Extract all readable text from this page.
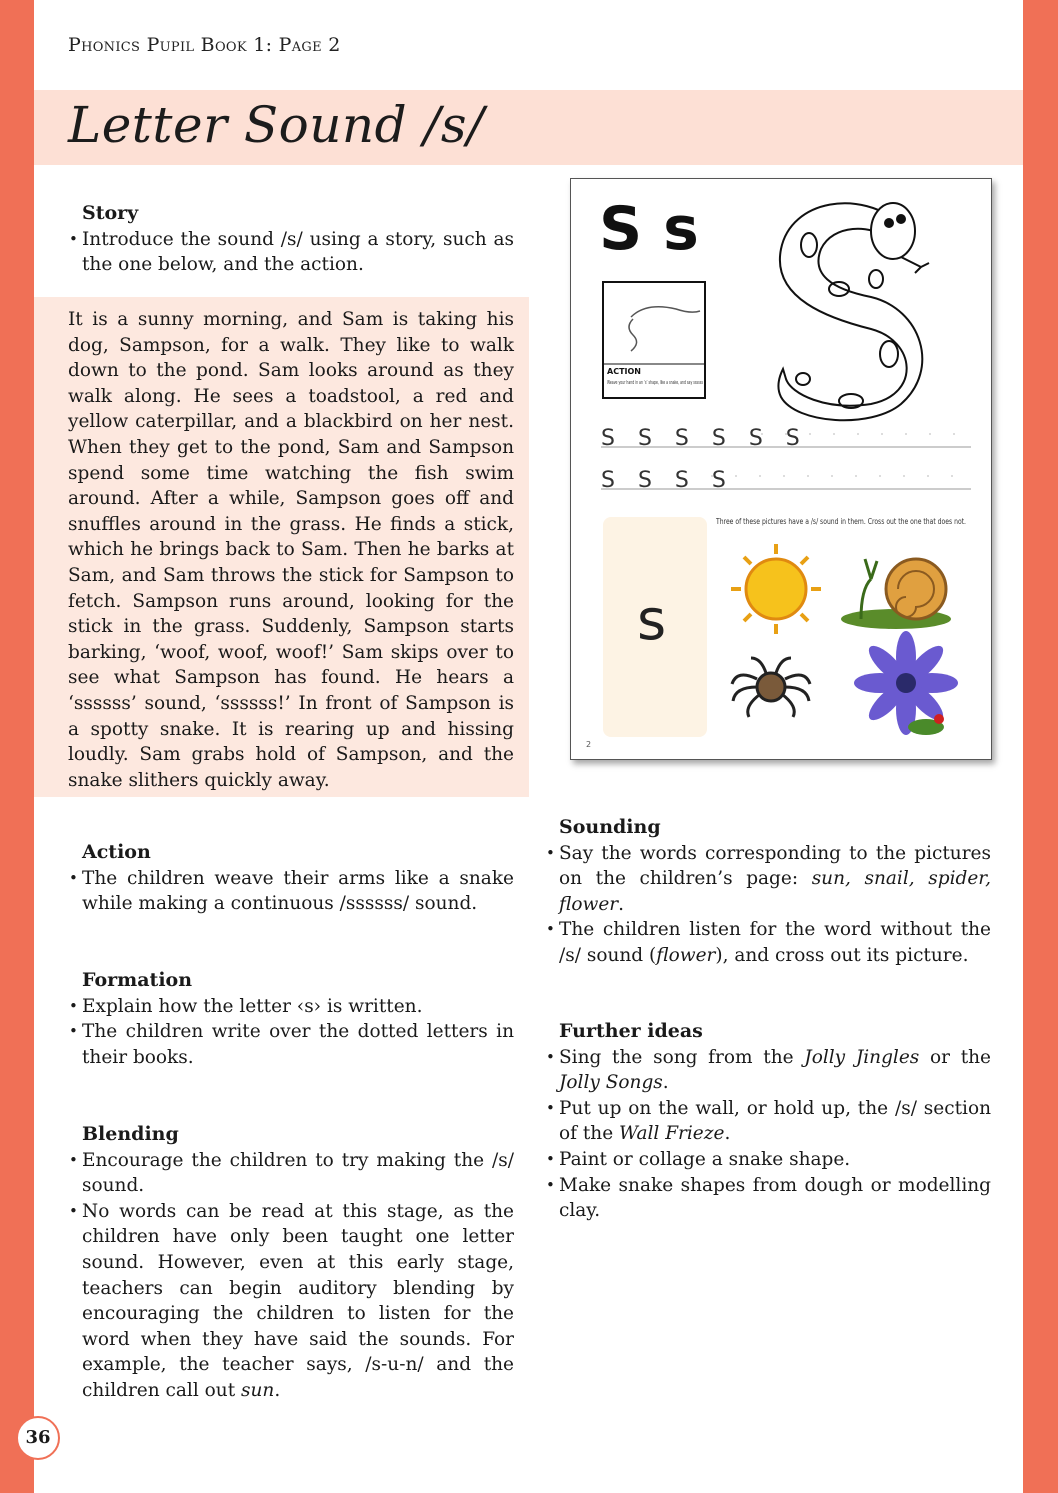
Phonics Pupil Book 1: Page 2
Letter Sound /s/
Story
• Introduce the sound /s/ using a story, such as the one below, and the action.

It is a sunny morning, and Sam is taking his dog, Sampson, for a walk. They like to walk down to the pond. Sam looks around as they walk along. He sees a toadstool, a red and yellow caterpillar, and a blackbird on her nest. When they get to the pond, Sam and Sampson spend some time watching the fish swim around. After a while, Sampson goes off and snuffles around in the grass. He finds a stick, which he brings back to Sam. Then he barks at Sam, and Sam throws the stick for Sampson to fetch. Sampson runs around, looking for the stick in the grass. Suddenly, Sampson starts barking, ‘woof, woof, woof!’ Sam skips over to see what Sampson has found. He hears a ‘ssssss’ sound, ‘ssssss!’ In front of Sampson is a spotty snake. It is rearing up and hissing loudly. Sam grabs hold of Sampson, and the snake slithers quickly away.

S s
ACTION
Weave your hand in an ‘s’ shape, like a snake, and say ssssss
S S S S S S
S S S S
s
Three of these pictures have a /s/ sound in them. Cross out the one that does not.
2
Action
• The children weave their arms like a snake while making a continuous /ssssss/ sound.
Formation
• Explain how the letter ‹s› is written.
• The children write over the dotted letters in their books.
Blending
• Encourage the children to try making the /s/ sound.
• No words can be read at this stage, as the children have only been taught one letter sound. However, even at this early stage, teachers can begin auditory blending by encouraging the children to listen for the word when they have said the sounds. For example, the teacher says, /s-u-n/ and the children call out sun.
Sounding
• Say the words corresponding to the pictures on the children’s page: sun, snail, spider, flower.
• The children listen for the word without the /s/ sound (flower), and cross out its picture.
Further ideas
• Sing the song from the Jolly Jingles or the Jolly Songs.
• Put up on the wall, or hold up, the /s/ section of the Wall Frieze.
• Paint or collage a snake shape.
• Make snake shapes from dough or modelling clay.
36
